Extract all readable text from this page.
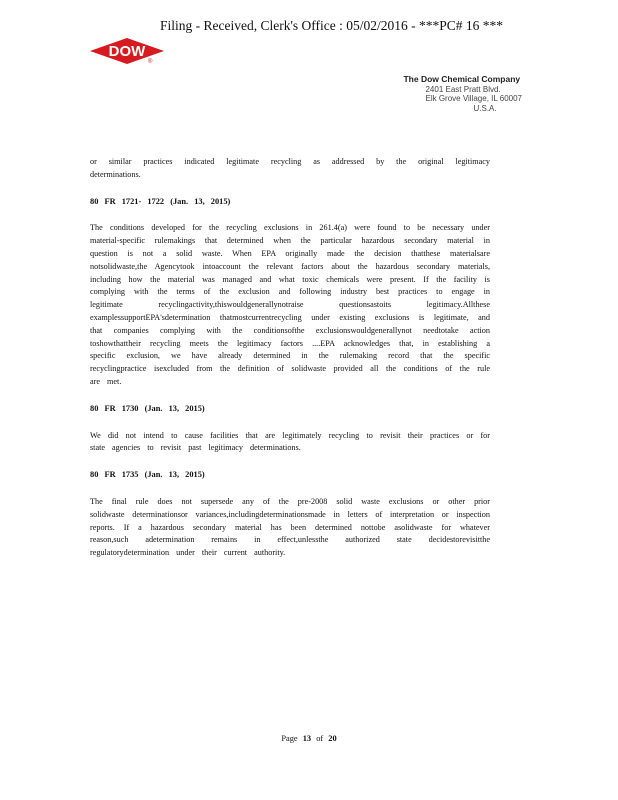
Filing - Received, Clerk's Office : 05/02/2016 - ***PC# 16 ***
DOW
®
The Dow Chemical Company
2401 East Pratt Blvd.
Elk Grove Village, IL 60007
U.S.A.

or similar practices indicated legitimate recycling as addressed by the original legitimacy determinations.

80 FR 1721- 1722 (Jan. 13, 2015)

The conditions developed for the recycling exclusions in 261.4(a) were found to be necessary under material-specific rulemakings that determined when the particular hazardous secondary material in question is not a solid waste. When EPA originally made the decision thatthese materialsare notsolidwaste,the Agencytook intoaccount the relevant factors about the hazardous secondary materials, including how the material was managed and what toxic chemicals were present. If the facility is complying with the terms of the exclusion and following industry best practices to engage in legitimate recyclingactivity,thiswouldgenerallynotraise questionsastoits legitimacy.Allthese examplessupportEPA'sdetermination thatmostcurrentrecycling under existing exclusions is legitimate, and that companies complying with the conditionsofthe exclusionswouldgenerallynot needtotake action toshowthattheir recycling meets the legitimacy factors ....EPA acknowledges that, in establishing a specific exclusion, we have already determined in the rulemaking record that the specific recyclingpractice isexcluded from the definition of solidwaste provided all the conditions of the rule are met.

80 FR 1730 (Jan. 13, 2015)

We did not intend to cause facilities that are legitimately recycling to revisit their practices or for state agencies to revisit past legitimacy determinations.

80 FR 1735 (Jan. 13, 2015)

The final rule does not supersede any of the pre-2008 solid waste exclusions or other prior solidwaste determinationsor variances,includingdeterminationsmade in letters of interpretation or inspection reports. If a hazardous secondary material has been determined nottobe asolidwaste for whatever reason,such adetermination remains in effect,unlessthe authorized state decidestorevisitthe regulatorydetermination under their current authority.

Page 13 of 20
